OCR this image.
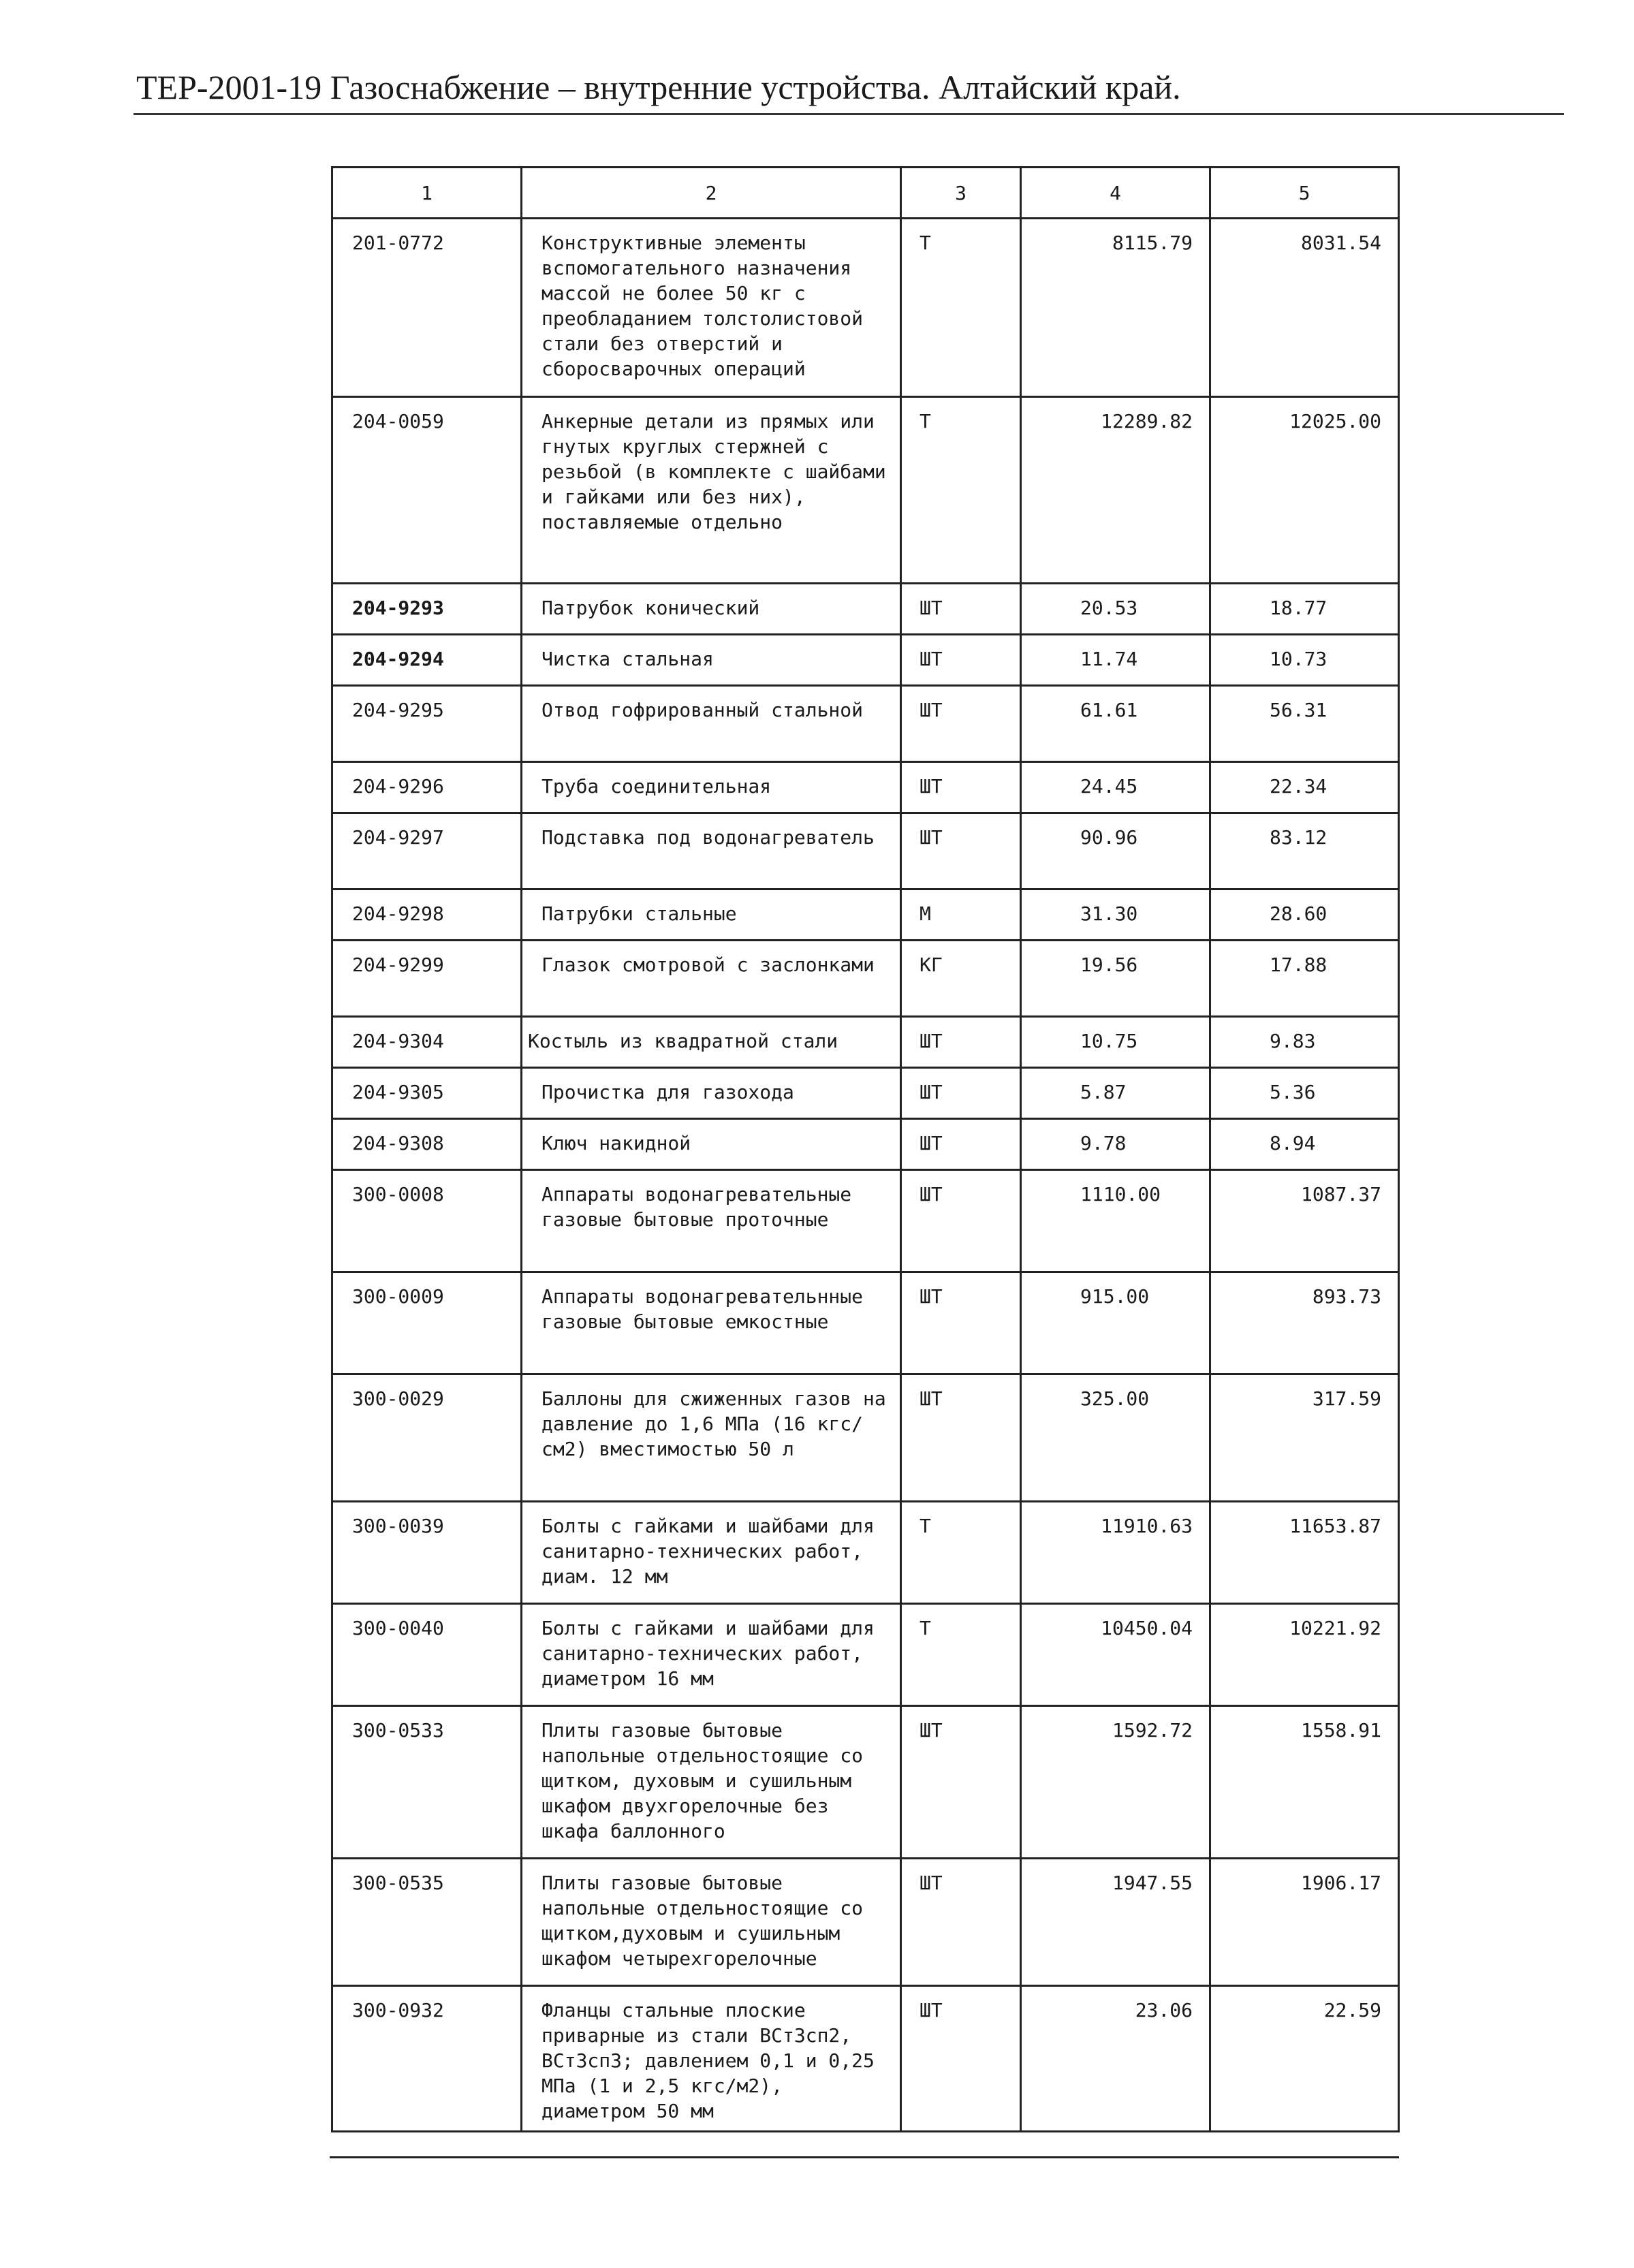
ТЕР-2001-19 Газоснабжение – внутренние устройства. Алтайский край.
1	2	3	4	5
201-0772	Конструктивные элементы вспомогательного назначения массой не более 50 кг с преобладанием толстолистовой стали без отверстий и сборосварочных операций	Т	8115.79	8031.54
204-0059	Анкерные детали из прямых или гнутых круглых стержней с резьбой (в комплекте с шайбами и гайками или без них), поставляемые отдельно	Т	12289.82	12025.00
204-9293	Патрубок конический	ШТ	20.53	18.77
204-9294	Чистка стальная	ШТ	11.74	10.73
204-9295	Отвод гофрированный стальной	ШТ	61.61	56.31
204-9296	Труба соединительная	ШТ	24.45	22.34
204-9297	Подставка под водонагреватель	ШТ	90.96	83.12
204-9298	Патрубки стальные	М	31.30	28.60
204-9299	Глазок смотровой с заслонками	КГ	19.56	17.88
204-9304	Костыль из квадратной стали	ШТ	10.75	9.83
204-9305	Прочистка для газохода	ШТ	5.87	5.36
204-9308	Ключ накидной	ШТ	9.78	8.94
300-0008	Аппараты водонагревательные газовые бытовые проточные	ШТ	1110.00	1087.37
300-0009	Аппараты водонагревательнные газовые бытовые емкостные	ШТ	915.00	893.73
300-0029	Баллоны для сжиженных газов на давление до 1,6 МПа (16 кгс/см2) вместимостью 50 л	ШТ	325.00	317.59
300-0039	Болты с гайками и шайбами для санитарно-технических работ, диам. 12 мм	Т	11910.63	11653.87
300-0040	Болты с гайками и шайбами для санитарно-технических работ, диаметром 16 мм	Т	10450.04	10221.92
300-0533	Плиты газовые бытовые напольные отдельностоящие со щитком, духовым и сушильным шкафом двухгорелочные без шкафа баллонного	ШТ	1592.72	1558.91
300-0535	Плиты газовые бытовые напольные отдельностоящие со щитком,духовым и сушильным шкафом четырехгорелочные	ШТ	1947.55	1906.17
300-0932	Фланцы стальные плоские приварные из стали ВСт3сп2, ВСт3сп3; давлением 0,1 и 0,25 МПа (1 и 2,5 кгс/м2), диаметром 50 мм	ШТ	23.06	22.59
